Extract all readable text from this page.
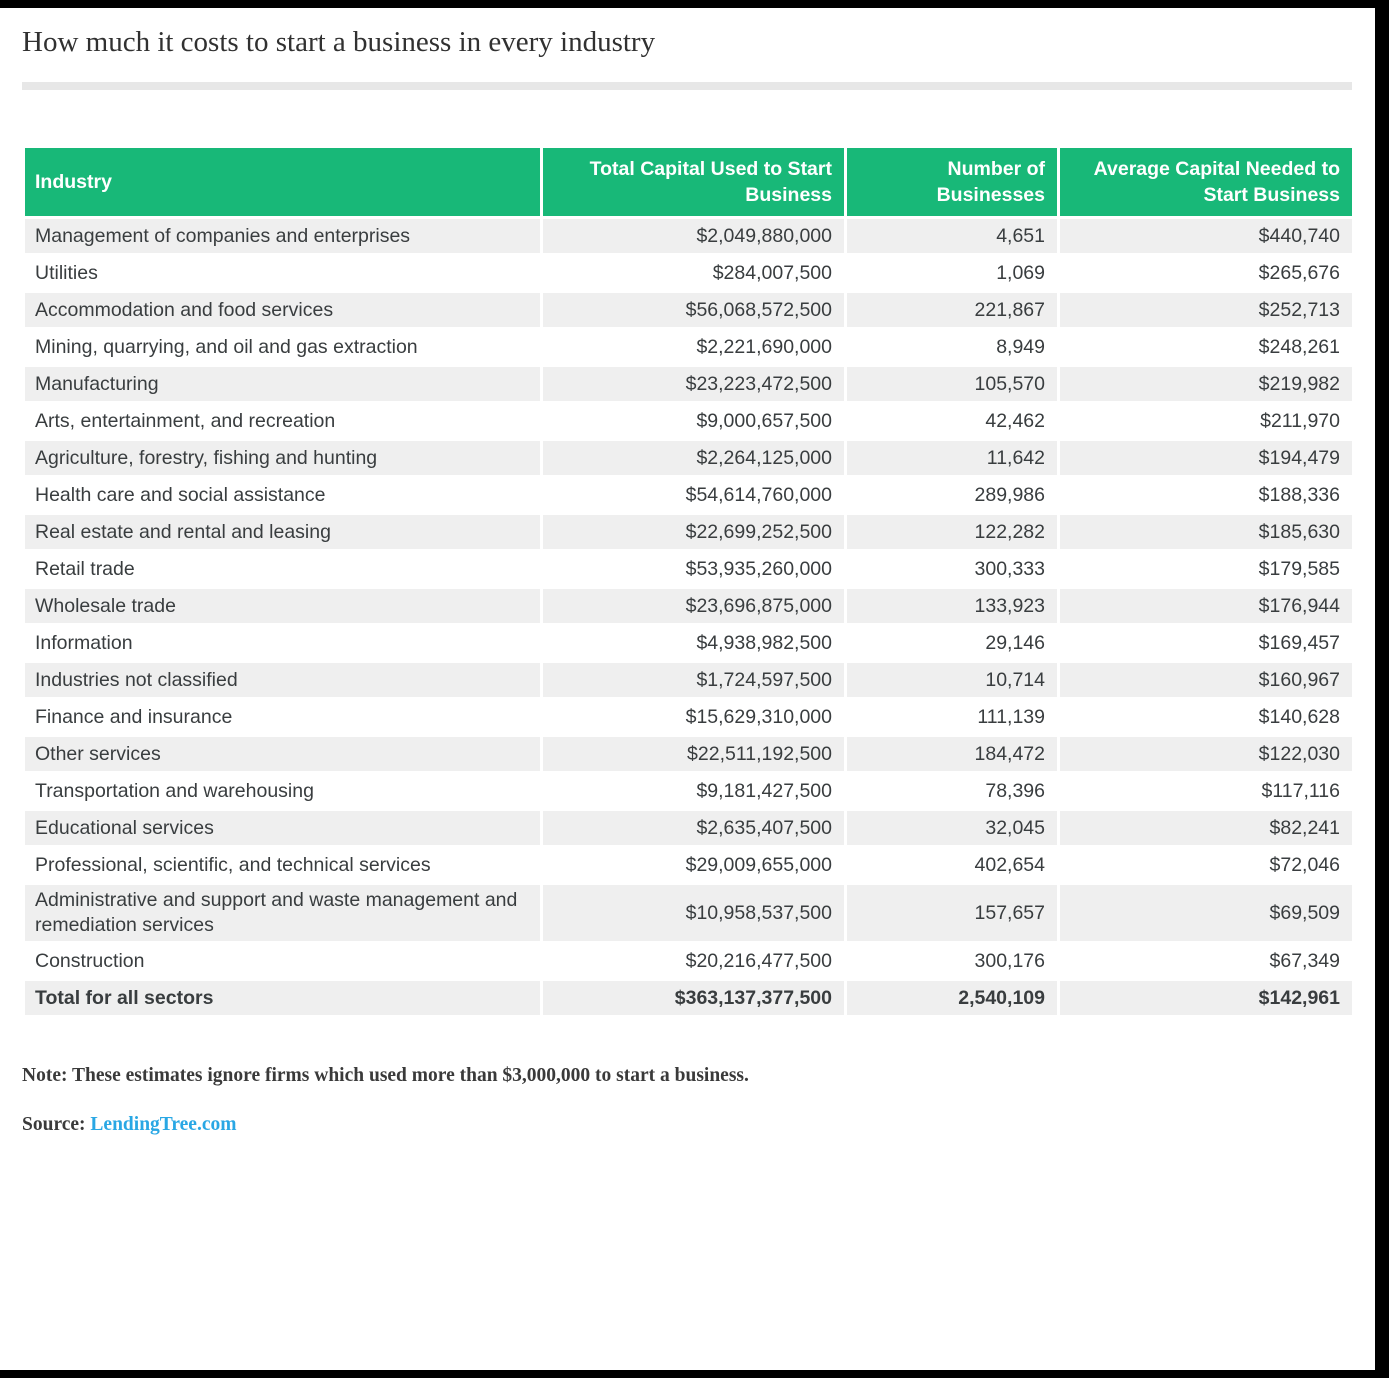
How much it costs to start a business in every industry
Industry	Total Capital Used to Start Business	Number of Businesses	Average Capital Needed to Start Business
Management of companies and enterprises	$2,049,880,000	4,651	$440,740
Utilities	$284,007,500	1,069	$265,676
Accommodation and food services	$56,068,572,500	221,867	$252,713
Mining, quarrying, and oil and gas extraction	$2,221,690,000	8,949	$248,261
Manufacturing	$23,223,472,500	105,570	$219,982
Arts, entertainment, and recreation	$9,000,657,500	42,462	$211,970
Agriculture, forestry, fishing and hunting	$2,264,125,000	11,642	$194,479
Health care and social assistance	$54,614,760,000	289,986	$188,336
Real estate and rental and leasing	$22,699,252,500	122,282	$185,630
Retail trade	$53,935,260,000	300,333	$179,585
Wholesale trade	$23,696,875,000	133,923	$176,944
Information	$4,938,982,500	29,146	$169,457
Industries not classified	$1,724,597,500	10,714	$160,967
Finance and insurance	$15,629,310,000	111,139	$140,628
Other services	$22,511,192,500	184,472	$122,030
Transportation and warehousing	$9,181,427,500	78,396	$117,116
Educational services	$2,635,407,500	32,045	$82,241
Professional, scientific, and technical services	$29,009,655,000	402,654	$72,046
Administrative and support and waste management and remediation services	$10,958,537,500	157,657	$69,509
Construction	$20,216,477,500	300,176	$67,349
Total for all sectors	$363,137,377,500	2,540,109	$142,961

Note: These estimates ignore firms which used more than $3,000,000 to start a business.

Source: LendingTree.com
